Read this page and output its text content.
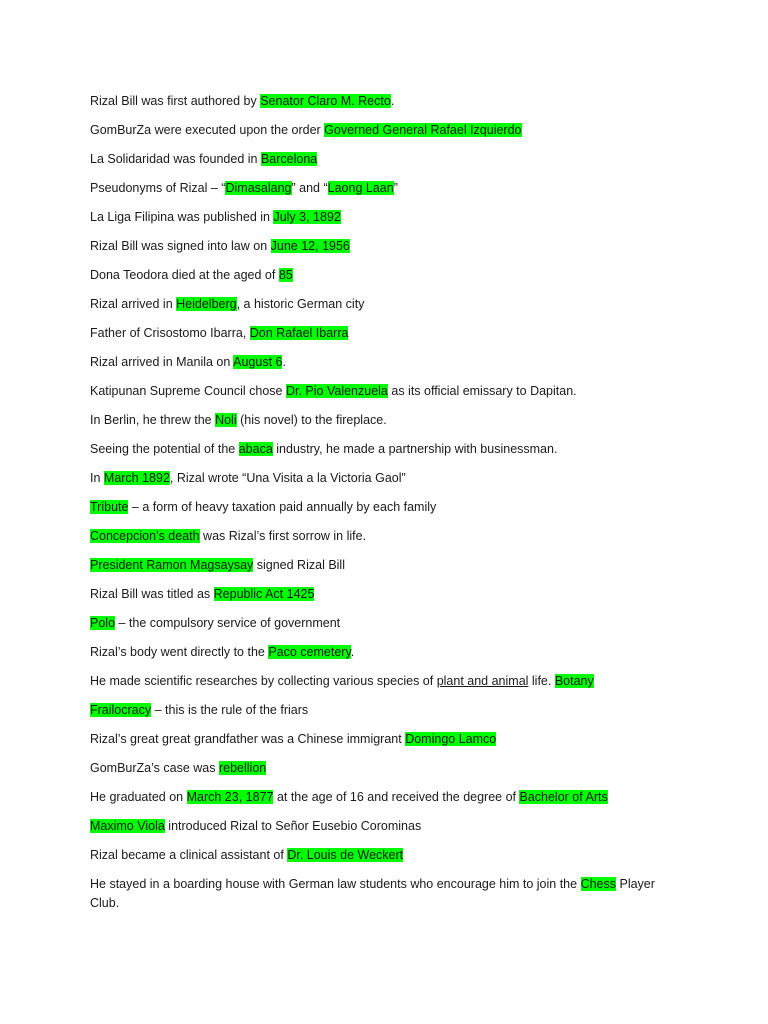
Rizal Bill was first authored by Senator Claro M. Recto.
GomBurZa were executed upon the order Governed General Rafael Izquierdo
La Solidaridad was founded in Barcelona
Pseudonyms of Rizal – “Dimasalang” and “Laong Laan”
La Liga Filipina was published in July 3, 1892
Rizal Bill was signed into law on June 12, 1956
Dona Teodora died at the aged of 85
Rizal arrived in Heidelberg, a historic German city
Father of Crisostomo Ibarra, Don Rafael Ibarra
Rizal arrived in Manila on August 6.
Katipunan Supreme Council chose Dr. Pio Valenzuela as its official emissary to Dapitan.
In Berlin, he threw the Noli (his novel) to the fireplace.
Seeing the potential of the abaca industry, he made a partnership with businessman.
In March 1892, Rizal wrote “Una Visita a la Victoria Gaol”
Tribute – a form of heavy taxation paid annually by each family
Concepcion’s death was Rizal’s first sorrow in life.
President Ramon Magsaysay signed Rizal Bill
Rizal Bill was titled as Republic Act 1425
Polo – the compulsory service of government
Rizal’s body went directly to the Paco cemetery.
He made scientific researches by collecting various species of plant and animal life. Botany
Frailocracy – this is the rule of the friars
Rizal’s great great grandfather was a Chinese immigrant Domingo Lamco
GomBurZa’s case was rebellion
He graduated on March 23, 1877 at the age of 16 and received the degree of Bachelor of Arts
Maximo Viola introduced Rizal to Señor Eusebio Corominas
Rizal became a clinical assistant of Dr. Louis de Weckert
He stayed in a boarding house with German law students who encourage him to join the Chess Player Club.
